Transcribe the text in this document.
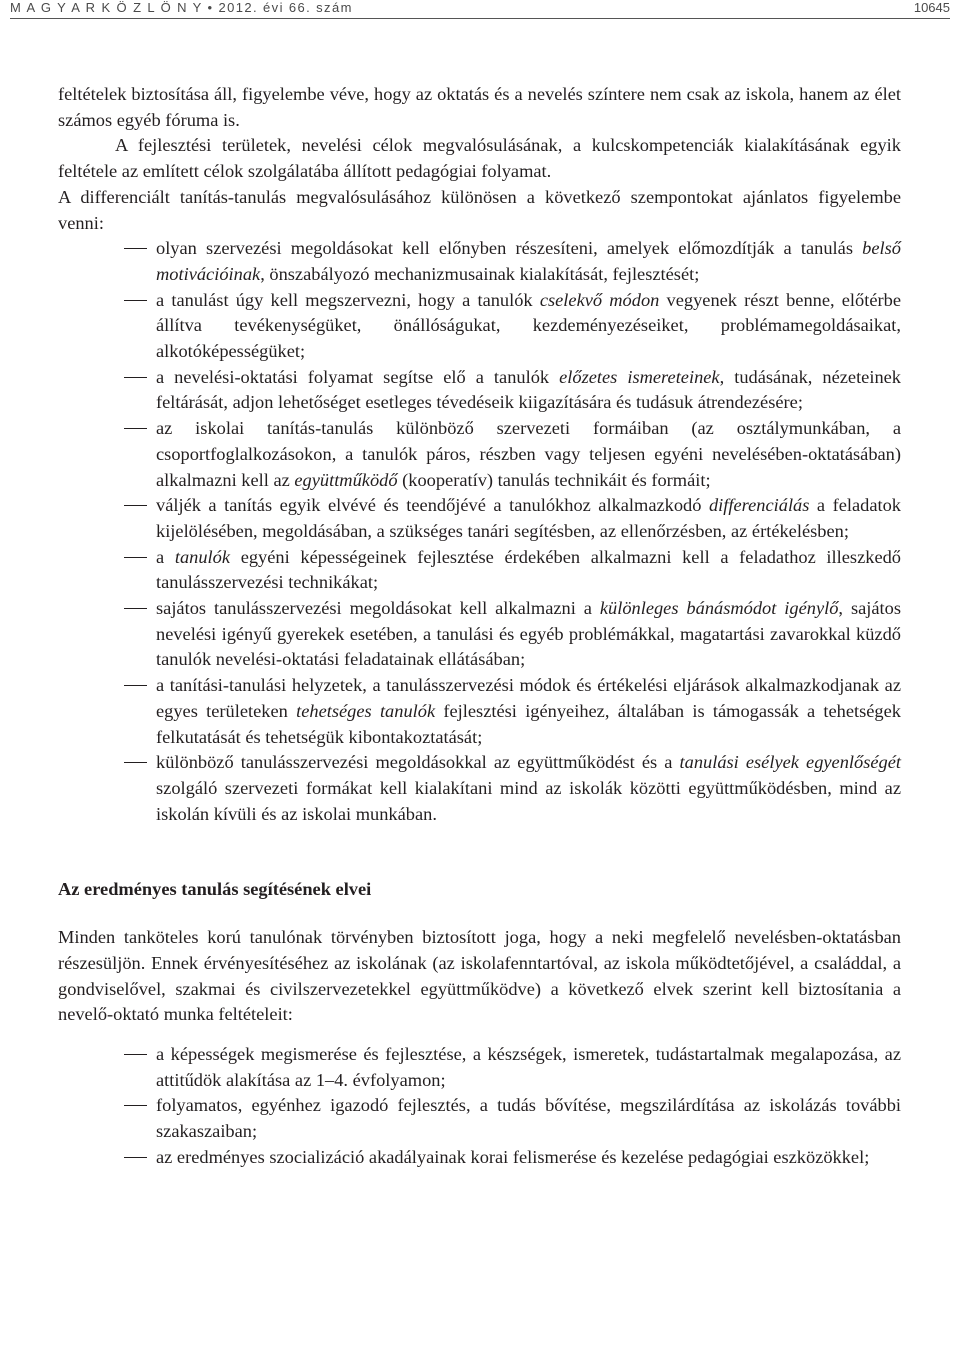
M A G Y A R K Ö Z L Ö N Y • 2012. évi 66. szám	10645

feltételek biztosítása áll, figyelembe véve, hogy az oktatás és a nevelés színtere nem csak az iskola, hanem az élet számos egyéb fóruma is.

A fejlesztési területek, nevelési célok megvalósulásának, a kulcskompetenciák kialakításának egyik feltétele az említett célok szolgálatába állított pedagógiai folyamat.

A differenciált tanítás-tanulás megvalósulásához különösen a következő szempontokat ajánlatos figyelembe venni:

olyan szervezési megoldásokat kell előnyben részesíteni, amelyek előmozdítják a tanulás belső motivációinak, önszabályozó mechanizmusainak kialakítását, fejlesztését;
a tanulást úgy kell megszervezni, hogy a tanulók cselekvő módon vegyenek részt benne, előtérbe állítva tevékenységüket, önállóságukat, kezdeményezéseiket, problémamegoldásaikat, alkotóképességüket;
a nevelési-oktatási folyamat segítse elő a tanulók előzetes ismereteinek, tudásának, nézeteinek feltárását, adjon lehetőséget esetleges tévedéseik kiigazítására és tudásuk átrendezésére;
az iskolai tanítás-tanulás különböző szervezeti formáiban (az osztálymunkában, a csoportfoglalkozásokon, a tanulók páros, részben vagy teljesen egyéni nevelésében-oktatásában) alkalmazni kell az együttműködő (kooperatív) tanulás technikáit és formáit;
váljék a tanítás egyik elvévé és teendőjévé a tanulókhoz alkalmazkodó differenciálás a feladatok kijelölésében, megoldásában, a szükséges tanári segítésben, az ellenőrzésben, az értékelésben;
a tanulók egyéni képességeinek fejlesztése érdekében alkalmazni kell a feladathoz illeszkedő tanulásszervezési technikákat;
sajátos tanulásszervezési megoldásokat kell alkalmazni a különleges bánásmódot igénylő, sajátos nevelési igényű gyerekek esetében, a tanulási és egyéb problémákkal, magatartási zavarokkal küzdő tanulók nevelési-oktatási feladatainak ellátásában;
a tanítási-tanulási helyzetek, a tanulásszervezési módok és értékelési eljárások alkalmazkodjanak az egyes területeken tehetséges tanulók fejlesztési igényeihez, általában is támogassák a tehetségek felkutatását és tehetségük kibontakoztatását;
különböző tanulásszervezési megoldásokkal az együttműködést és a tanulási esélyek egyenlőségét szolgáló szervezeti formákat kell kialakítani mind az iskolák közötti együttműködésben, mind az iskolán kívüli és az iskolai munkában.
Az eredményes tanulás segítésének elvei

Minden tanköteles korú tanulónak törvényben biztosított joga, hogy a neki megfelelő nevelésben-oktatásban részesüljön. Ennek érvényesítéséhez az iskolának (az iskolafenntartóval, az iskola működtetőjével, a családdal, a gondviselővel, szakmai és civilszervezetekkel együttműködve) a következő elvek szerint kell biztosítania a nevelő-oktató munka feltételeit:

a képességek megismerése és fejlesztése, a készségek, ismeretek, tudástartalmak megalapozása, az attitűdök alakítása az 1–4. évfolyamon;
folyamatos, egyénhez igazodó fejlesztés, a tudás bővítése, megszilárdítása az iskolázás további szakaszaiban;
az eredményes szocializáció akadályainak korai felismerése és kezelése pedagógiai eszközökkel;
